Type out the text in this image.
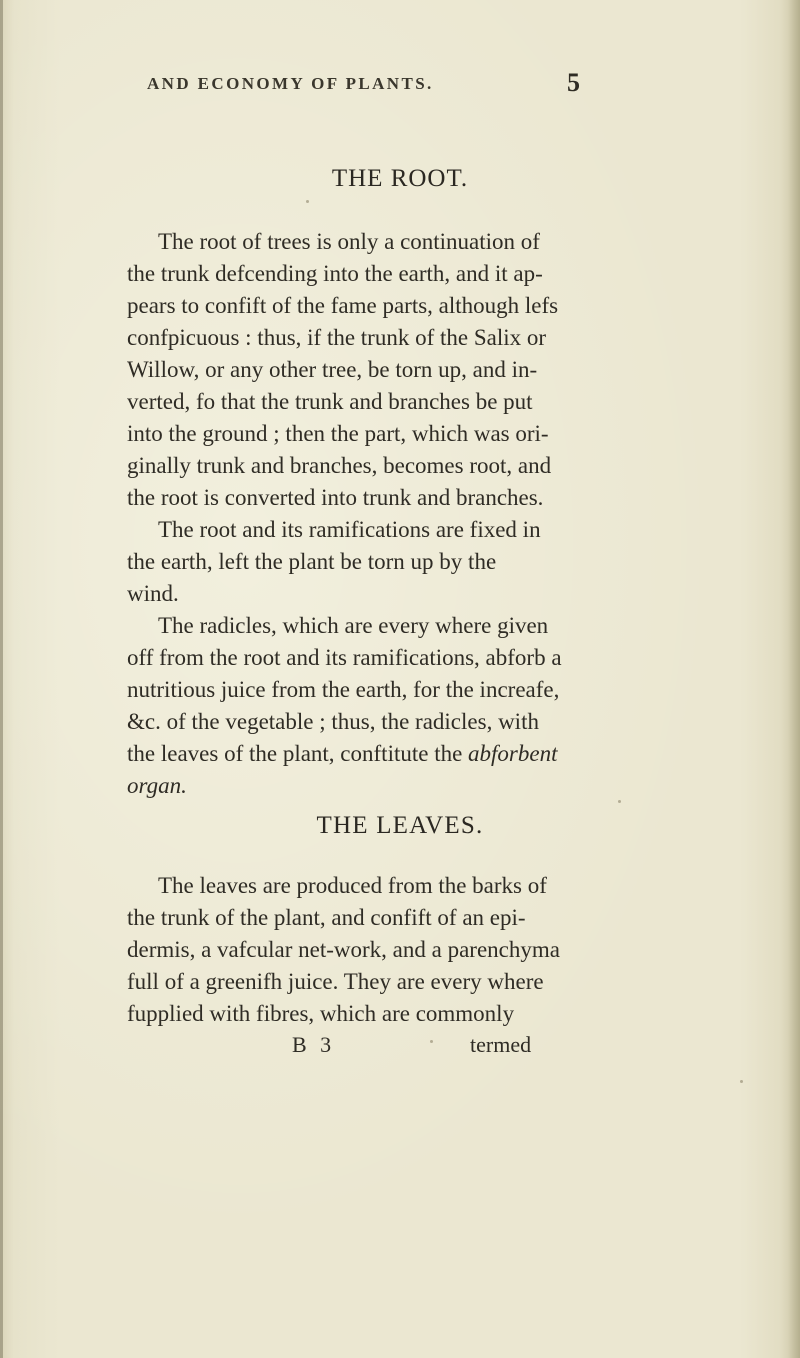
AND ECONOMY OF PLANTS.	5
THE ROOT.
The root of trees is only a continuation of
the trunk defcending into the earth, and it ap-
pears to confift of the fame parts, although lefs
confpicuous : thus, if the trunk of the Salix or
Willow, or any other tree, be torn up, and in-
verted, fo that the trunk and branches be put
into the ground ; then the part, which was ori-
ginally trunk and branches, becomes root, and
the root is converted into trunk and branches.
The root and its ramifications are fixed in
the earth, left the plant be torn up by the
wind.
The radicles, which are every where given
off from the root and its ramifications, abforb a
nutritious juice from the earth, for the increafe,
&c. of the vegetable ; thus, the radicles, with
the leaves of the plant, conftitute the abforbent
organ.
THE LEAVES.
The leaves are produced from the barks of
the trunk of the plant, and confift of an epi-
dermis, a vafcular net-work, and a parenchyma
full of a greenifh juice. They are every where
fupplied with fibres, which are commonly
B 3	termed
